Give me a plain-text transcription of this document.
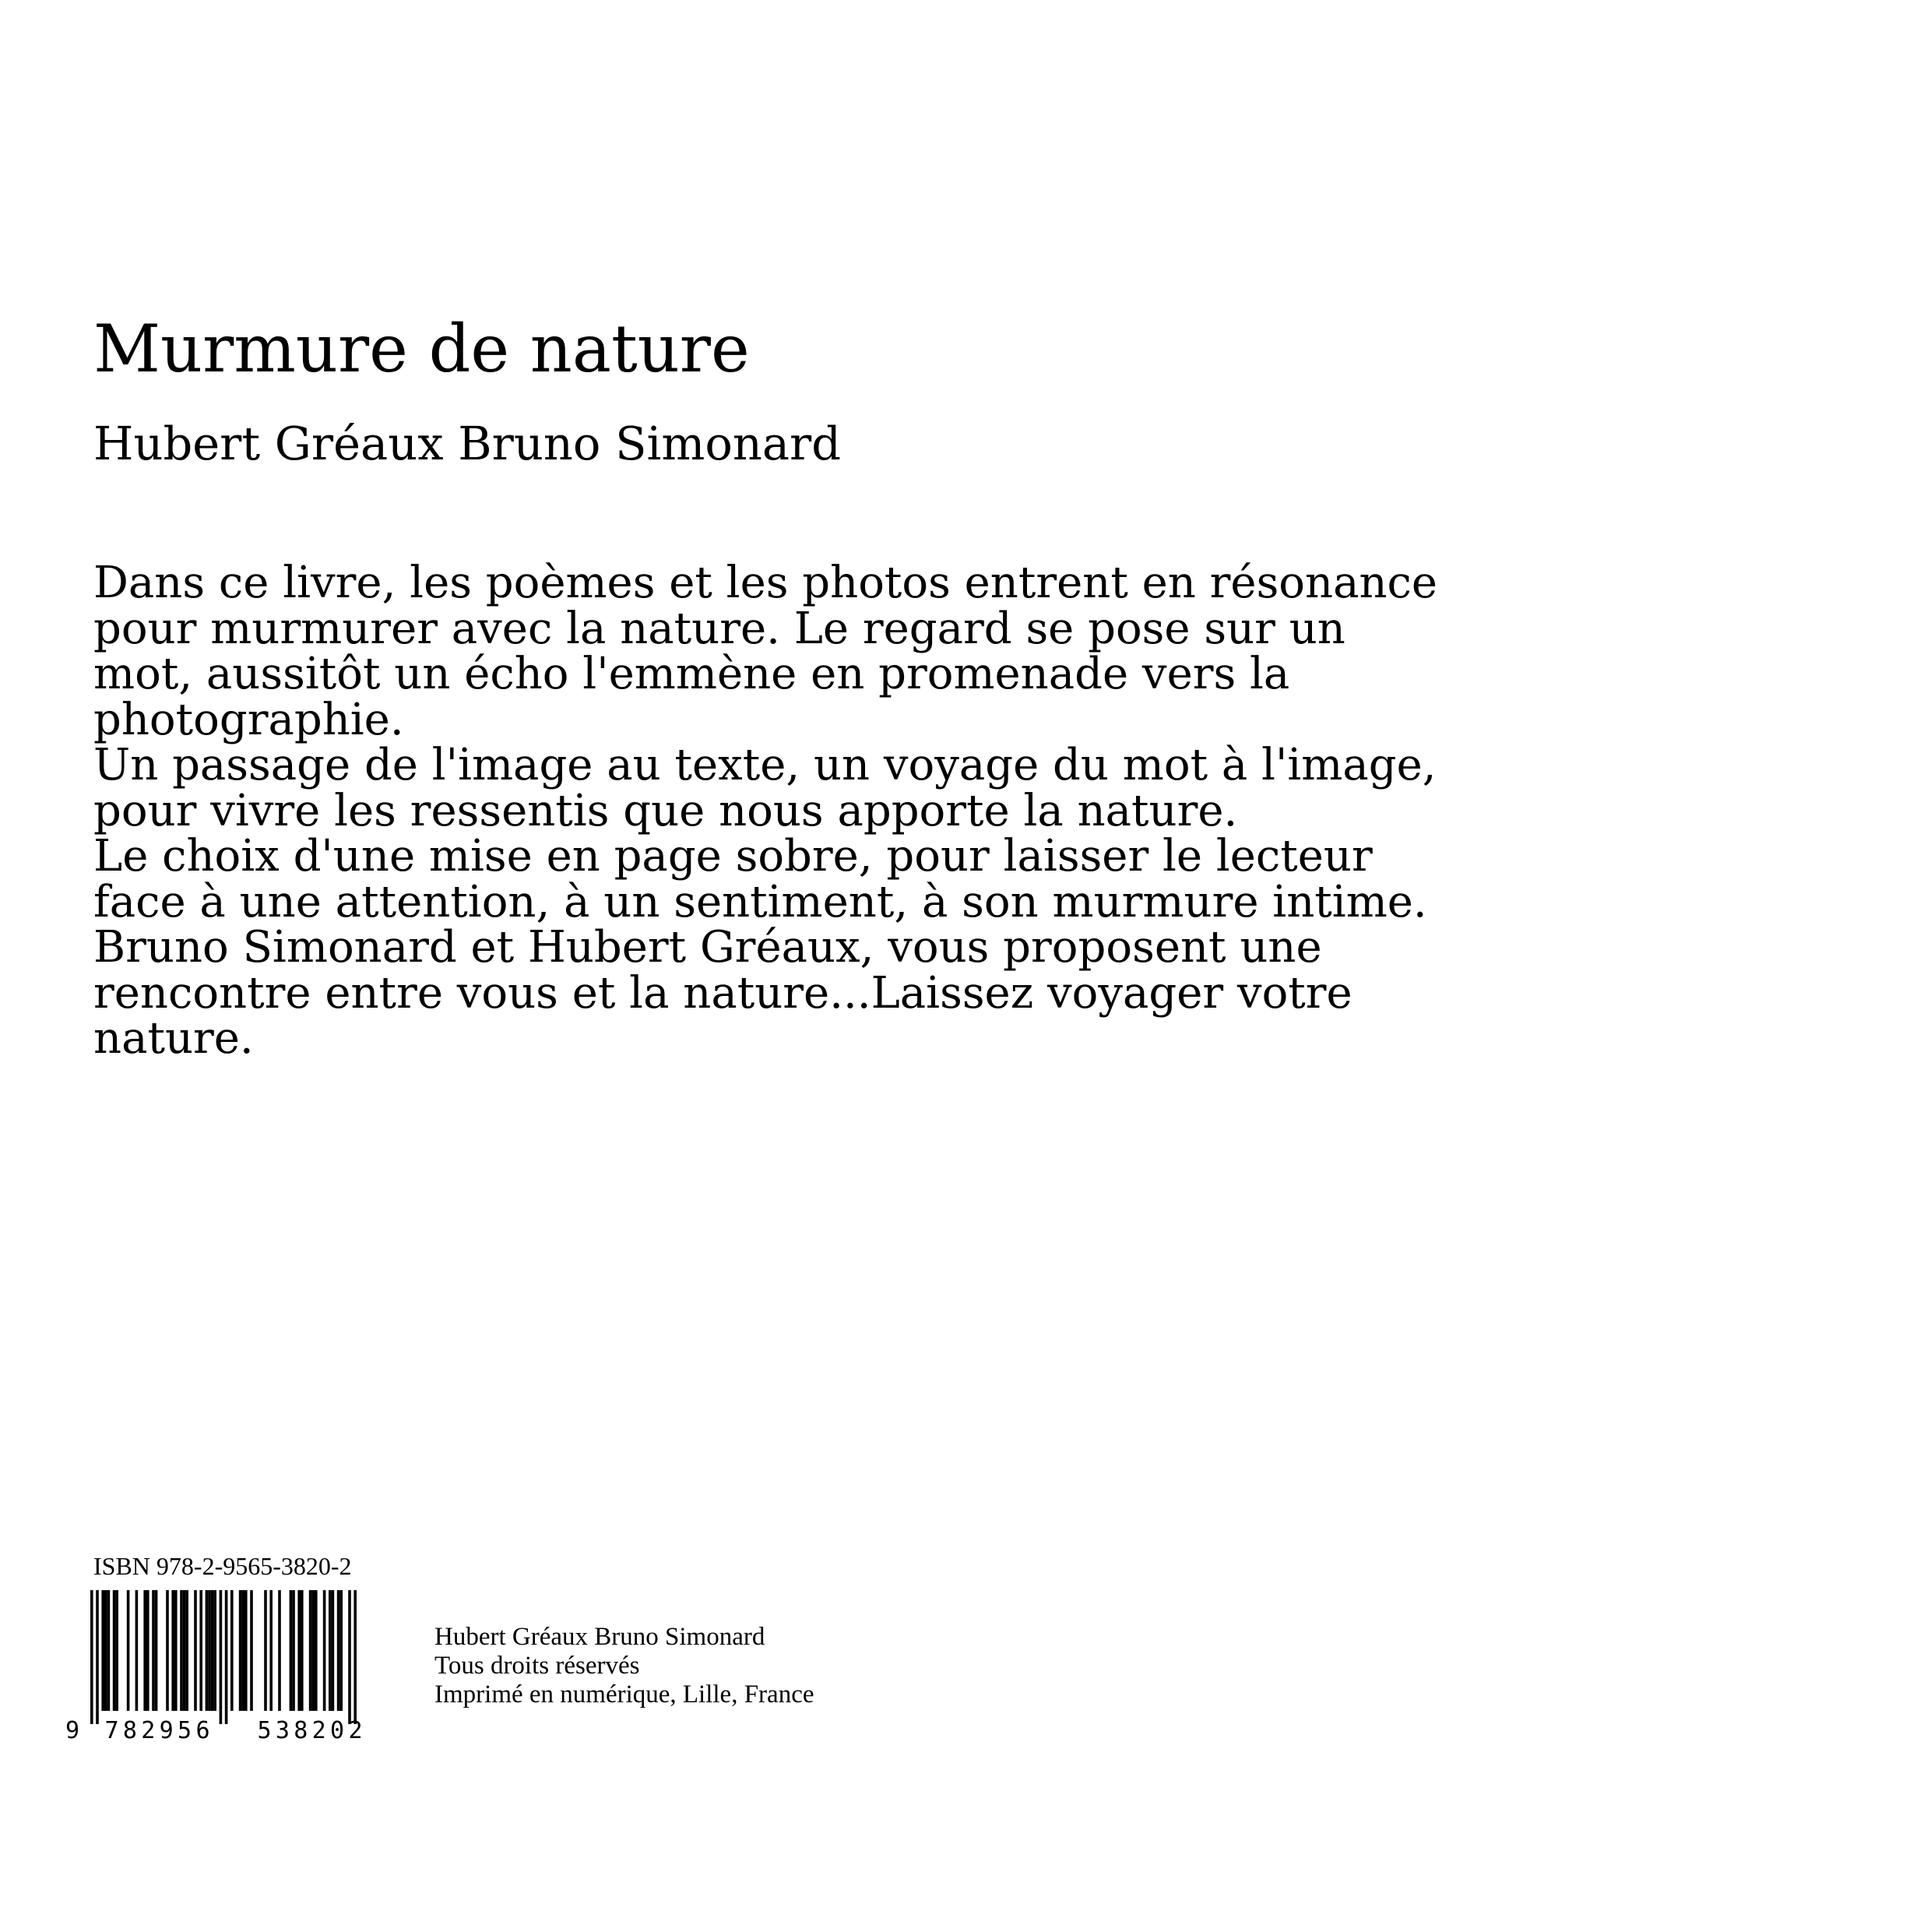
Murmure de nature
Hubert Gréaux Bruno Simonard

Dans ce livre, les poèmes et les photos entrent en résonance pour murmurer avec la nature. Le regard se pose sur un mot, aussitôt un écho l'emmène en promenade vers la photographie.

Un passage de l'image au texte, un voyage du mot à l'image, pour vivre les ressentis que nous apporte la nature.

Le choix d'une mise en page sobre, pour laisser le lecteur face à une attention, à un sentiment, à son murmure intime.

Bruno Simonard et Hubert Gréaux, vous proposent une rencontre entre vous et la nature...Laissez voyager votre nature.

ISBN 978-2-9565-3820-2
9 782956 538202
Hubert Gréaux Bruno Simonard
Tous droits réservés
Imprimé en numérique, Lille, France
